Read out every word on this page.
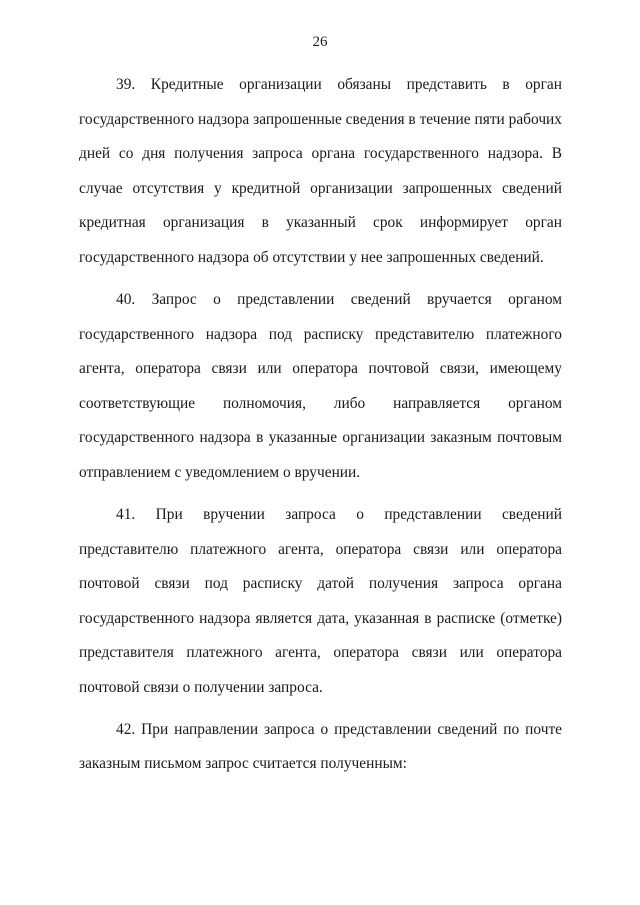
26

39. Кредитные организации обязаны представить в орган государственного надзора запрошенные сведения в течение пяти рабочих дней со дня получения запроса органа государственного надзора. В случае отсутствия у кредитной организации запрошенных сведений кредитная организация в указанный срок информирует орган государственного надзора об отсутствии у нее запрошенных сведений.

40. Запрос о представлении сведений вручается органом государственного надзора под расписку представителю платежного агента, оператора связи или оператора почтовой связи, имеющему соответствующие полномочия, либо направляется органом государственного надзора в указанные организации заказным почтовым отправлением с уведомлением о вручении.

41. При вручении запроса о представлении сведений представителю платежного агента, оператора связи или оператора почтовой связи под расписку датой получения запроса органа государственного надзора является дата, указанная в расписке (отметке) представителя платежного агента, оператора связи или оператора почтовой связи о получении запроса.

42. При направлении запроса о представлении сведений по почте заказным письмом запрос считается полученным:
